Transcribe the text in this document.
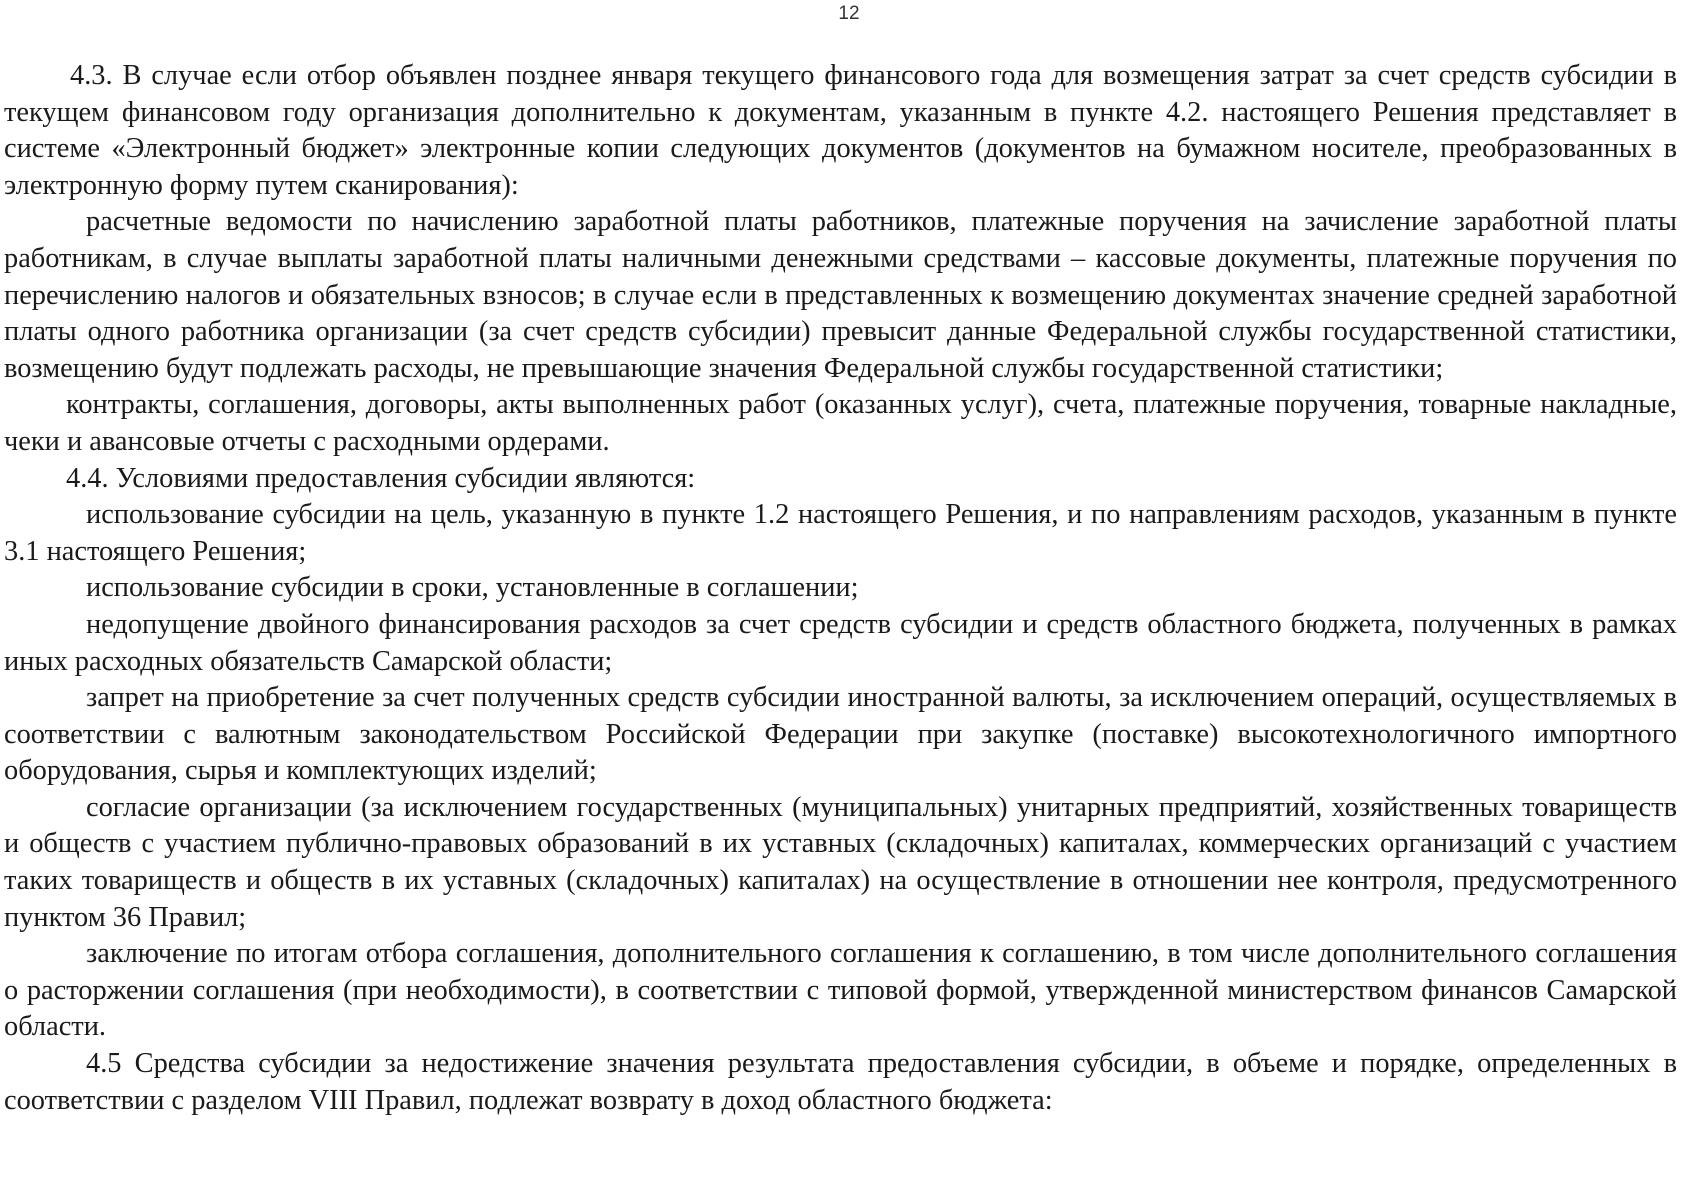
12

4.3. В случае если отбор объявлен позднее января текущего финансового года для возмещения затрат за счет средств субсидии в текущем финансовом году организация дополнительно к документам, указанным в пункте 4.2. настоящего Решения представляет в системе «Электронный бюджет» электронные копии следующих документов (документов на бумажном носителе, преобразованных в электронную форму путем сканирования):

расчетные ведомости по начислению заработной платы работников, платежные поручения на зачисление заработной платы работникам, в случае выплаты заработной платы наличными денежными средствами – кассовые документы, платежные поручения по перечислению налогов и обязательных взносов; в случае если в представленных к возмещению документах значение средней заработной платы одного работника организации (за счет средств субсидии) превысит данные Федеральной службы государственной статистики, возмещению будут подлежать расходы, не превышающие значения Федеральной службы государственной статистики;

контракты, соглашения, договоры, акты выполненных работ (оказанных услуг), счета, платежные поручения, товарные накладные, чеки и авансовые отчеты с расходными ордерами.

4.4. Условиями предоставления субсидии являются:

использование субсидии на цель, указанную в пункте 1.2 настоящего Решения, и по направлениям расходов, указанным в пункте 3.1 настоящего Решения;

использование субсидии в сроки, установленные в соглашении;

недопущение двойного финансирования расходов за счет средств субсидии и средств областного бюджета, полученных в рамках иных расходных обязательств Самарской области;

запрет на приобретение за счет полученных средств субсидии иностранной валюты, за исключением операций, осуществляемых в соответствии с валютным законодательством Российской Федерации при закупке (поставке) высокотехнологичного импортного оборудования, сырья и комплектующих изделий;

согласие организации (за исключением государственных (муниципальных) унитарных предприятий, хозяйственных товариществ и обществ с участием публично-правовых образований в их уставных (складочных) капиталах, коммерческих организаций с участием таких товариществ и обществ в их уставных (складочных) капиталах) на осуществление в отношении нее контроля, предусмотренного пунктом 36 Правил;

заключение по итогам отбора соглашения, дополнительного соглашения к соглашению, в том числе дополнительного соглашения о расторжении соглашения (при необходимости), в соответствии с типовой формой, утвержденной министерством финансов Самарской области.

4.5 Средства субсидии за недостижение значения результата предоставления субсидии, в объеме и порядке, определенных в соответствии с разделом VIII Правил, подлежат возврату в доход областного бюджета:
